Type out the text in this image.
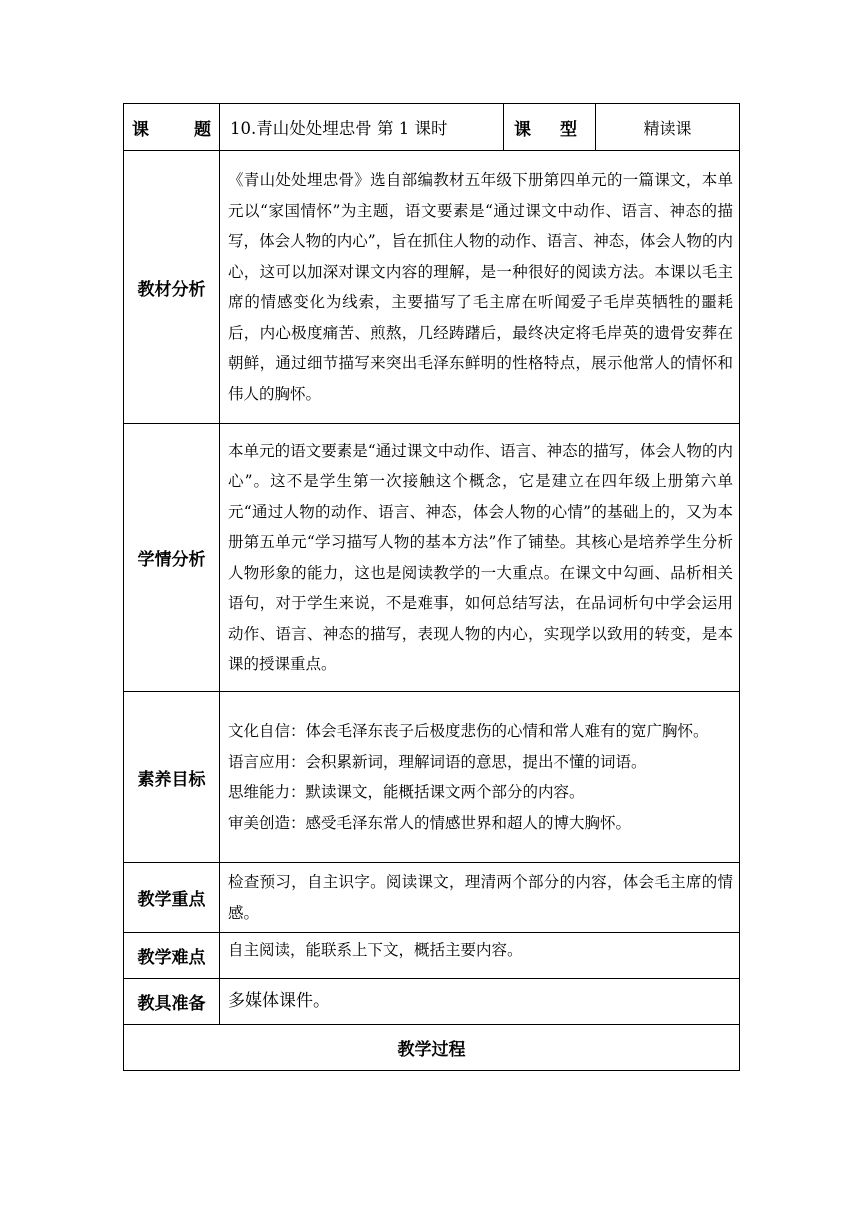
课 题	10.青山处处埋忠骨 第 1 课时	课 型	精读课
教材分析	《青山处处埋忠骨》选自部编教材五年级下册第四单元的一篇课文，本单元以“家国情怀”为主题，语文要素是“通过课文中动作、语言、神态的描写，体会人物的内心”，旨在抓住人物的动作、语言、神态，体会人物的内心，这可以加深对课文内容的理解，是一种很好的阅读方法。本课以毛主席的情感变化为线索，主要描写了毛主席在听闻爱子毛岸英牺牲的噩耗后，内心极度痛苦、煎熬，几经踌躇后，最终决定将毛岸英的遗骨安葬在朝鲜，通过细节描写来突出毛泽东鲜明的性格特点，展示他常人的情怀和伟人的胸怀。		

学情分析	本单元的语文要素是“通过课文中动作、语言、神态的描写，体会人物的内心”。这不是学生第一次接触这个概念，它是建立在四年级上册第六单元“通过人物的动作、语言、神态，体会人物的心情”的基础上的，又为本册第五单元“学习描写人物的基本方法”作了铺垫。其核心是培养学生分析人物形象的能力，这也是阅读教学的一大重点。在课文中勾画、品析相关语句，对于学生来说，不是难事，如何总结写法，在品词析句中学会运用动作、语言、神态的描写，表现人物的内心，实现学以致用的转变，是本课的授课重点。		

素养目标	文化自信：体会毛泽东丧子后极度悲伤的心情和常人难有的宽广胸怀。

语言应用：会积累新词，理解词语的意思，提出不懂的词语。

思维能力：默读课文，能概括课文两个部分的内容。

审美创造：感受毛泽东常人的情感世界和超人的博大胸怀。		

教学重点	检查预习，自主识字。阅读课文，理清两个部分的内容，体会毛主席的情感。		
教学难点	自主阅读，能联系上下文，概括主要内容。		
教具准备	多媒体课件。		
教学过程			
